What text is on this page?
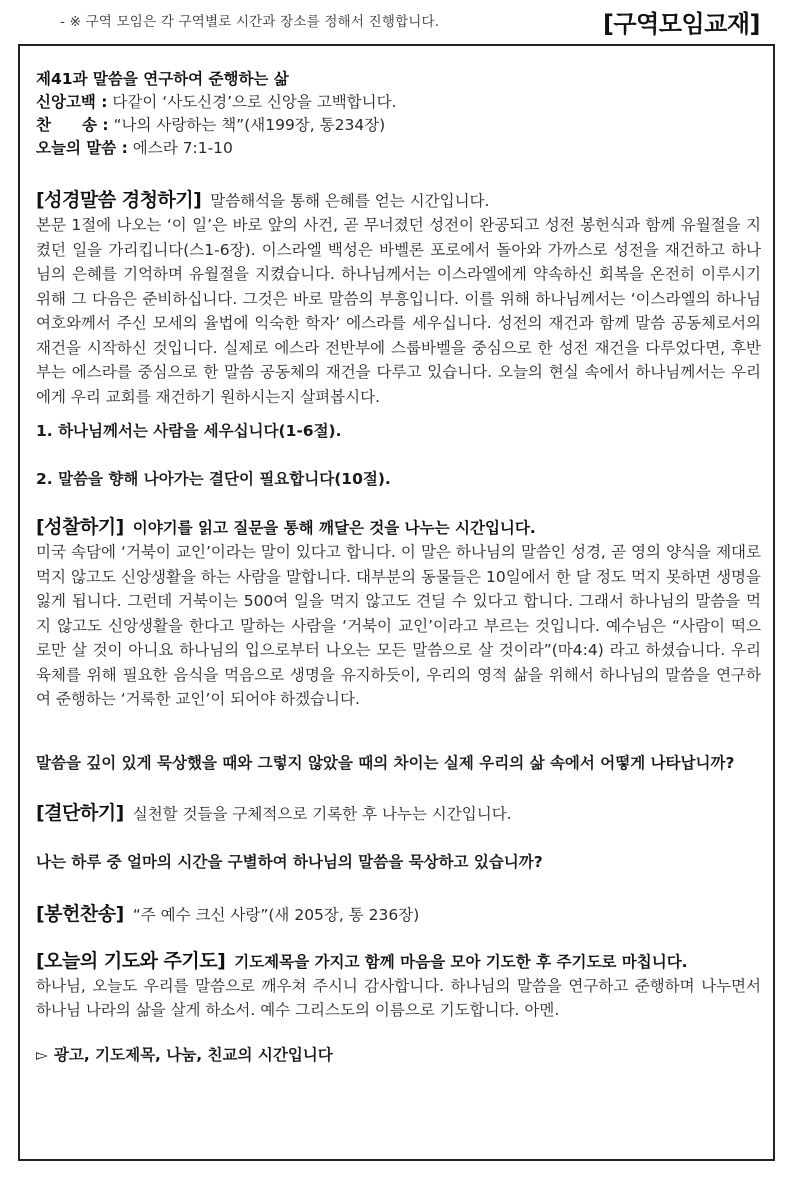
- ※ 구역 모임은 각 구역별로 시간과 장소를 정해서 진행합니다.	[구역모임교재]
제41과 말씀을 연구하여 준행하는 삶
신앙고백 : 다같이 ‘사도신경’으로 신앙을 고백합니다.
찬　　송 : “나의 사랑하는 책”(새199장, 통234장)
오늘의 말씀 : 에스라 7:1-10
[성경말씀 경청하기] 말씀해석을 통해 은혜를 얻는 시간입니다.

본문 1절에 나오는 ‘이 일’은 바로 앞의 사건, 곧 무너졌던 성전이 완공되고 성전 봉헌식과 함께 유월절을 지켰던 일을 가리킵니다(스1-6장). 이스라엘 백성은 바벨론 포로에서 돌아와 가까스로 성전을 재건하고 하나님의 은혜를 기억하며 유월절을 지켰습니다. 하나님께서는 이스라엘에게 약속하신 회복을 온전히 이루시기 위해 그 다음은 준비하십니다. 그것은 바로 말씀의 부흥입니다. 이를 위해 하나님께서는 ‘이스라엘의 하나님 여호와께서 주신 모세의 율법에 익숙한 학자’ 에스라를 세우십니다. 성전의 재건과 함께 말씀 공동체로서의 재건을 시작하신 것입니다. 실제로 에스라 전반부에 스룹바벨을 중심으로 한 성전 재건을 다루었다면, 후반부는 에스라를 중심으로 한 말씀 공동체의 재건을 다루고 있습니다. 오늘의 현실 속에서 하나님께서는 우리에게 우리 교회를 재건하기 원하시는지 살펴봅시다.

1. 하나님께서는 사람을 세우십니다(1-6절).
2. 말씀을 향해 나아가는 결단이 필요합니다(10절).
[성찰하기] 이야기를 읽고 질문을 통해 깨달은 것을 나누는 시간입니다.

미국 속담에 ‘거북이 교인’이라는 말이 있다고 합니다. 이 말은 하나님의 말씀인 성경, 곧 영의 양식을 제대로 먹지 않고도 신앙생활을 하는 사람을 말합니다. 대부분의 동물들은 10일에서 한 달 정도 먹지 못하면 생명을 잃게 됩니다. 그런데 거북이는 500여 일을 먹지 않고도 견딜 수 있다고 합니다. 그래서 하나님의 말씀을 먹지 않고도 신앙생활을 한다고 말하는 사람을 ‘거북이 교인’이라고 부르는 것입니다. 예수님은 “사람이 떡으로만 살 것이 아니요 하나님의 입으로부터 나오는 모든 말씀으로 살 것이라”(마4:4) 라고 하셨습니다. 우리 육체를 위해 필요한 음식을 먹음으로 생명을 유지하듯이, 우리의 영적 삶을 위해서 하나님의 말씀을 연구하여 준행하는 ‘거룩한 교인’이 되어야 하겠습니다.

말씀을 깊이 있게 묵상했을 때와 그렇지 않았을 때의 차이는 실제 우리의 삶 속에서 어떻게 나타납니까?

[결단하기] 실천할 것들을 구체적으로 기록한 후 나누는 시간입니다.

나는 하루 중 얼마의 시간을 구별하여 하나님의 말씀을 묵상하고 있습니까?

[봉헌찬송] “주 예수 크신 사랑”(새 205장, 통 236장)
[오늘의 기도와 주기도] 기도제목을 가지고 함께 마음을 모아 기도한 후 주기도로 마칩니다.

하나님, 오늘도 우리를 말씀으로 깨우쳐 주시니 감사합니다. 하나님의 말씀을 연구하고 준행하며 나누면서 하나님 나라의 삶을 살게 하소서. 예수 그리스도의 이름으로 기도합니다. 아멘.

▻ 광고, 기도제목, 나눔, 친교의 시간입니다
